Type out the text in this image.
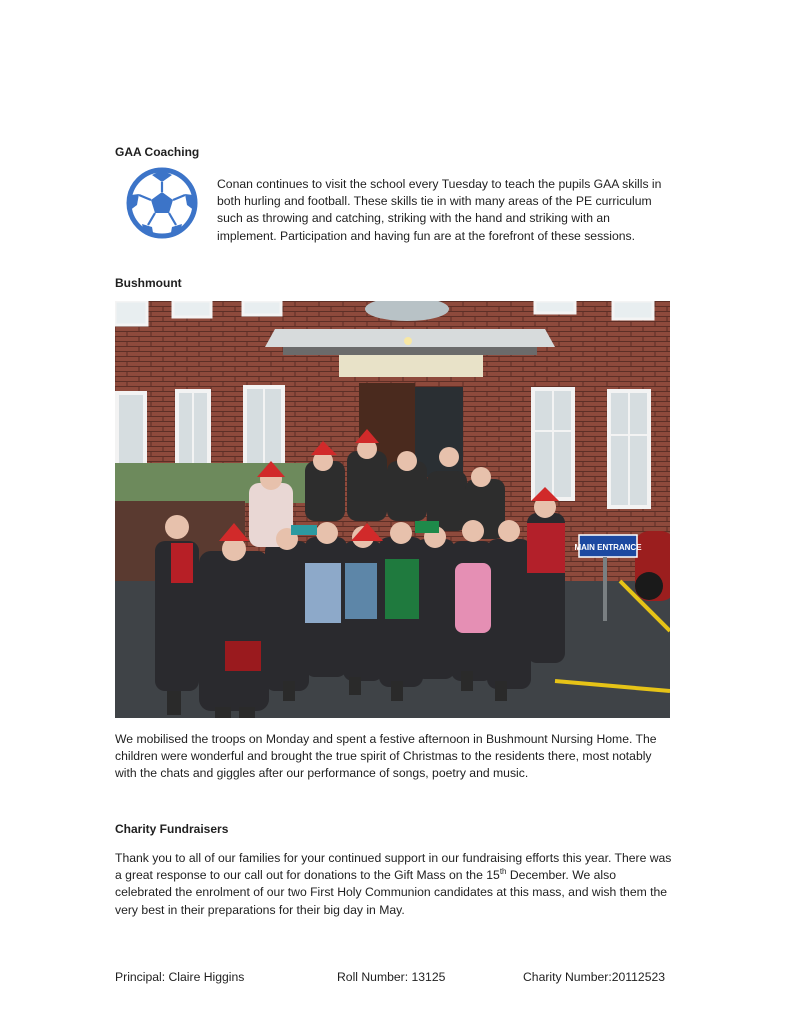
GAA Coaching

Conan continues to visit the school every Tuesday to teach the pupils GAA skills in both hurling and football. These skills tie in with many areas of the PE curriculum such as throwing and catching, striking with the hand and striking with an implement. Participation and having fun are at the forefront of these sessions.

Bushmount
MAIN ENTRANCE

We mobilised the troops on Monday and spent a festive afternoon in Bushmount Nursing Home. The children were wonderful and brought the true spirit of Christmas to the residents there, most notably with the chats and giggles after our performance of songs, poetry and music.

Charity Fundraisers

Thank you to all of our families for your continued support in our fundraising efforts this year. There was a great response to our call out for donations to the Gift Mass on the 15th December. We also celebrated the enrolment of our two First Holy Communion candidates at this mass, and wish them the very best in their preparations for their big day in May.

Principal: Claire Higgins	Roll Number: 13125	Charity Number:20112523
